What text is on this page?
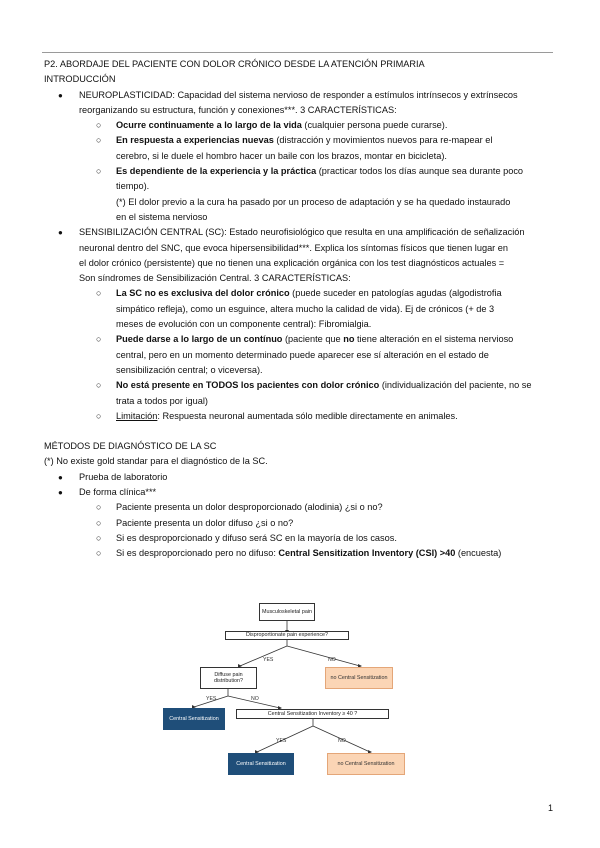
P2. ABORDAJE DEL PACIENTE CON DOLOR CRÓNICO DESDE LA ATENCIÓN PRIMARIA
INTRODUCCIÓN
● NEUROPLASTICIDAD: Capacidad del sistema nervioso de responder a estímulos intrínsecos y extrínsecos
reorganizando su estructura, función y conexiones***. 3 CARACTERÍSTICAS:
○ Ocurre continuamente a lo largo de la vida (cualquier persona puede curarse).
○ En respuesta a experiencias nuevas (distracción y movimientos nuevos para re-mapear el
cerebro, si le duele el hombro hacer un baile con los brazos, montar en bicicleta).
○ Es dependiente de la experiencia y la práctica (practicar todos los días aunque sea durante poco
tiempo).
(*) El dolor previo a la cura ha pasado por un proceso de adaptación y se ha quedado instaurado
en el sistema nervioso
● SENSIBILIZACIÓN CENTRAL (SC): Estado neurofisiológico que resulta en una amplificación de señalización
neuronal dentro del SNC, que evoca hipersensibilidad***. Explica los síntomas físicos que tienen lugar en
el dolor crónico (persistente) que no tienen una explicación orgánica con los test diagnósticos actuales =
Son síndromes de Sensibilización Central. 3 CARACTERÍSTICAS:
○ La SC no es exclusiva del dolor crónico (puede suceder en patologías agudas (algodistrofia
simpático refleja), como un esguince, altera mucho la calidad de vida). Ej de crónicos (+ de 3
meses de evolución con un componente central): Fibromialgia.
○ Puede darse a lo largo de un contínuo (paciente que no tiene alteración en el sistema nervioso
central, pero en un momento determinado puede aparecer ese sí alteración en el estado de
sensibilización central; o viceversa).
○ No está presente en TODOS los pacientes con dolor crónico (individualización del paciente, no se
trata a todos por igual)
○ Limitación: Respuesta neuronal aumentada sólo medible directamente en animales.
MÉTODOS DE DIAGNÓSTICO DE LA SC
(*) No existe gold standar para el diagnóstico de la SC.
● Prueba de laboratorio
● De forma clínica***
○ Paciente presenta un dolor desproporcionado (alodinia) ¿si o no?
○ Paciente presenta un dolor difuso ¿si o no?
○ Si es desproporcionado y difuso será SC en la mayoría de los casos.
○ Si es desproporcionado pero no difuso: Central Sensitization Inventory (CSI) >40 (encuesta)
Musculoskeletal pain
Disproportionate pain experience?
YES	NO
Diffuse pain distribution?
no Central Sensitization
YES	NO
Central Sensitization
Central Sensitization Inventory ≥ 40 ?
YES	NO
Central Sensitization	no Central Sensitization
1
